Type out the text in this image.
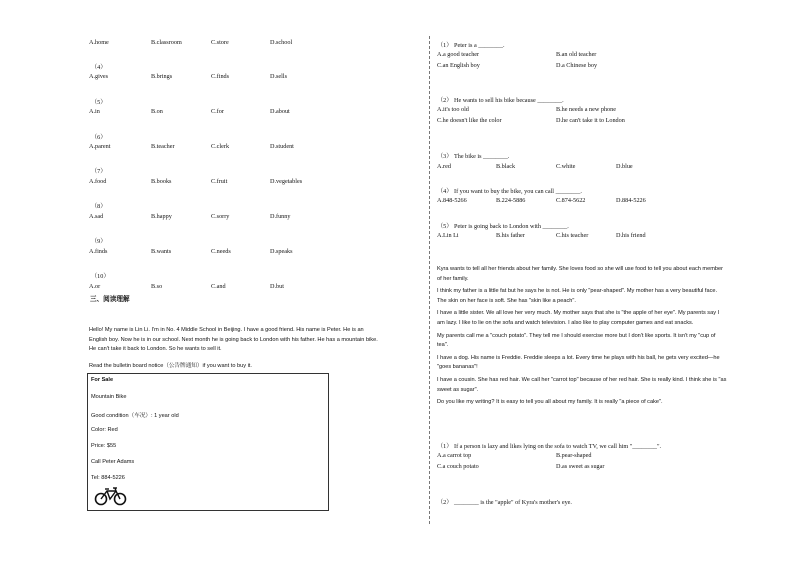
A.home	B.classroom	C.store	D.school
（4）
A.gives	B.brings	C.finds	D.sells
（5）
A.in	B.on	C.for	D.about
（6）
A.parent	B.teacher	C.clerk	D.student
（7）
A.food	B.books	C.fruit	D.vegetables
（8）
A.sad	B.happy	C.sorry	D.funny
（9）
A.finds	B.wants	C.needs	D.speaks
（10）
A.or	B.so	C.and	D.but
三、阅读理解
Hello! My name is Lin Li. I'm in No. 4 Middle School in Beijing. I have a good friend. His name is Peter. He is an
English boy. Now he is in our school. Next month he is going back to London with his father. He has a mountain bike.
He can't take it back to London. So he wants to sell it.
Read the bulletin board notice（公告牌通知）if you want to buy it.
For Sale
Mountain Bike
Good condition（车况）: 1 year old
Color: Red
Price: $55
Call Peter Adams
Tel: 884-5226
（1） Peter is a ________.
A.a good teacher	B.an old teacher
C.an English boy	D.a Chinese boy
（2） He wants to sell his bike because ________.
A.it's too old	B.he needs a new phone
C.he doesn't like the color	D.he can't take it to London
（3） The bike is ________.
A.red	B.black	C.white	D.blue
（4） If you want to buy the bike, you can call ________.
A.848-5266	B.224-5886	C.874-5622	D.884-5226
（5） Peter is going back to London with ________.
A.Lin Li	B.his father	C.his teacher	D.his friend
Kyra wants to tell all her friends about her family. She loves food so she will use food to tell you about each member
of her family.
I think my father is a little fat but he says he is not. He is only "pear-shaped". My mother has a very beautiful face.
The skin on her face is soft. She has "skin like a peach".
I have a little sister. We all love her very much. My mother says that she is "the apple of her eye". My parents say I
am lazy. I like to lie on the sofa and watch television. I also like to play computer games and eat snacks.
My parents call me a "couch potato". They tell me I should exercise more but I don't like sports. It isn't my "cup of
tea".
I have a dog. His name is Freddie. Freddie sleeps a lot. Every time he plays with his ball, he gets very excited—he
"goes bananas"!
I have a cousin. She has red hair. We call her "carrot top" because of her red hair. She is really kind. I think she is "as
sweet as sugar".
Do you like my writing? It is easy to tell you all about my family. It is really "a piece of cake".
（1） If a person is lazy and likes lying on the sofa to watch TV, we call him "________".
A.a carrot top	B.pear-shaped
C.a couch potato	D.as sweet as sugar
（2） ________ is the "apple" of Kyra's mother's eye.
